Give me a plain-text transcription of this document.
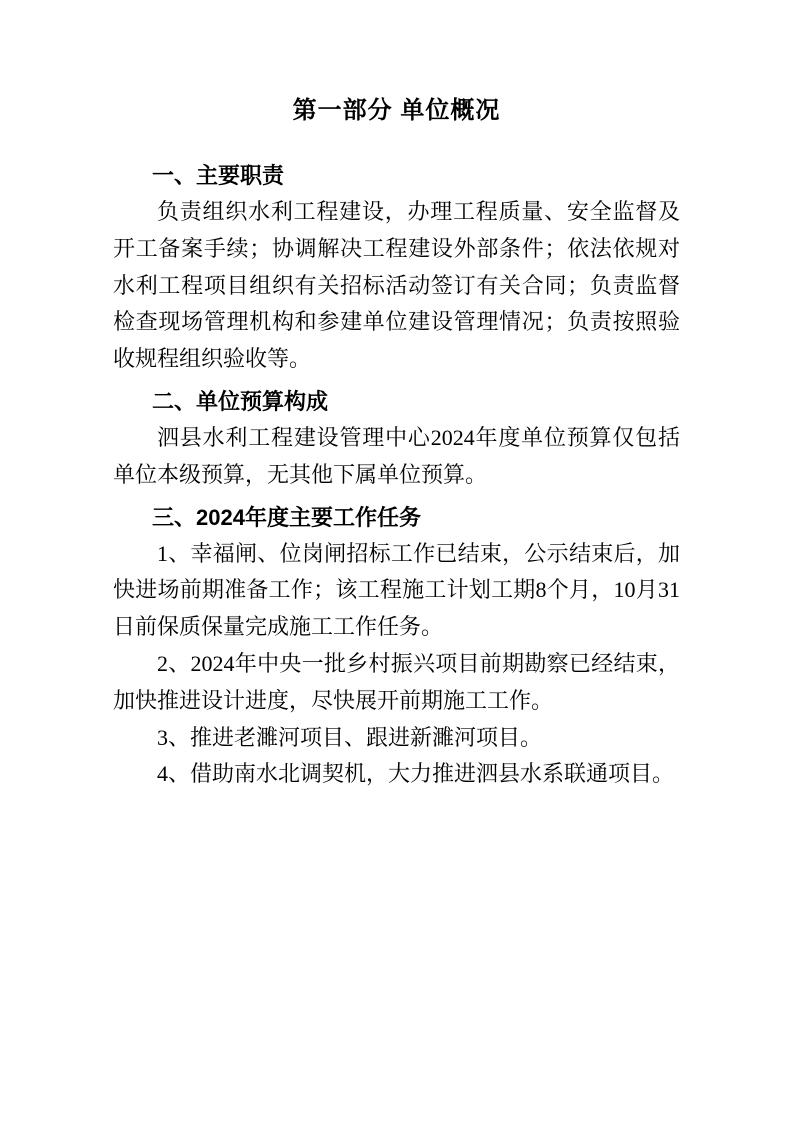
第一部分 单位概况
一、主要职责

负责组织水利工程建设，办理工程质量、安全监督及开工备案手续；协调解决工程建设外部条件；依法依规对水利工程项目组织有关招标活动签订有关合同；负责监督检查现场管理机构和参建单位建设管理情况；负责按照验收规程组织验收等。

二、单位预算构成

泗县水利工程建设管理中心2024年度单位预算仅包括单位本级预算，无其他下属单位预算。

三、2024年度主要工作任务

1、幸福闸、位岗闸招标工作已结束，公示结束后，加快进场前期准备工作；该工程施工计划工期8个月，10月31日前保质保量完成施工工作任务。

2、2024年中央一批乡村振兴项目前期勘察已经结束，加快推进设计进度，尽快展开前期施工工作。

3、推进老濉河项目、跟进新濉河项目。

4、借助南水北调契机，大力推进泗县水系联通项目。
